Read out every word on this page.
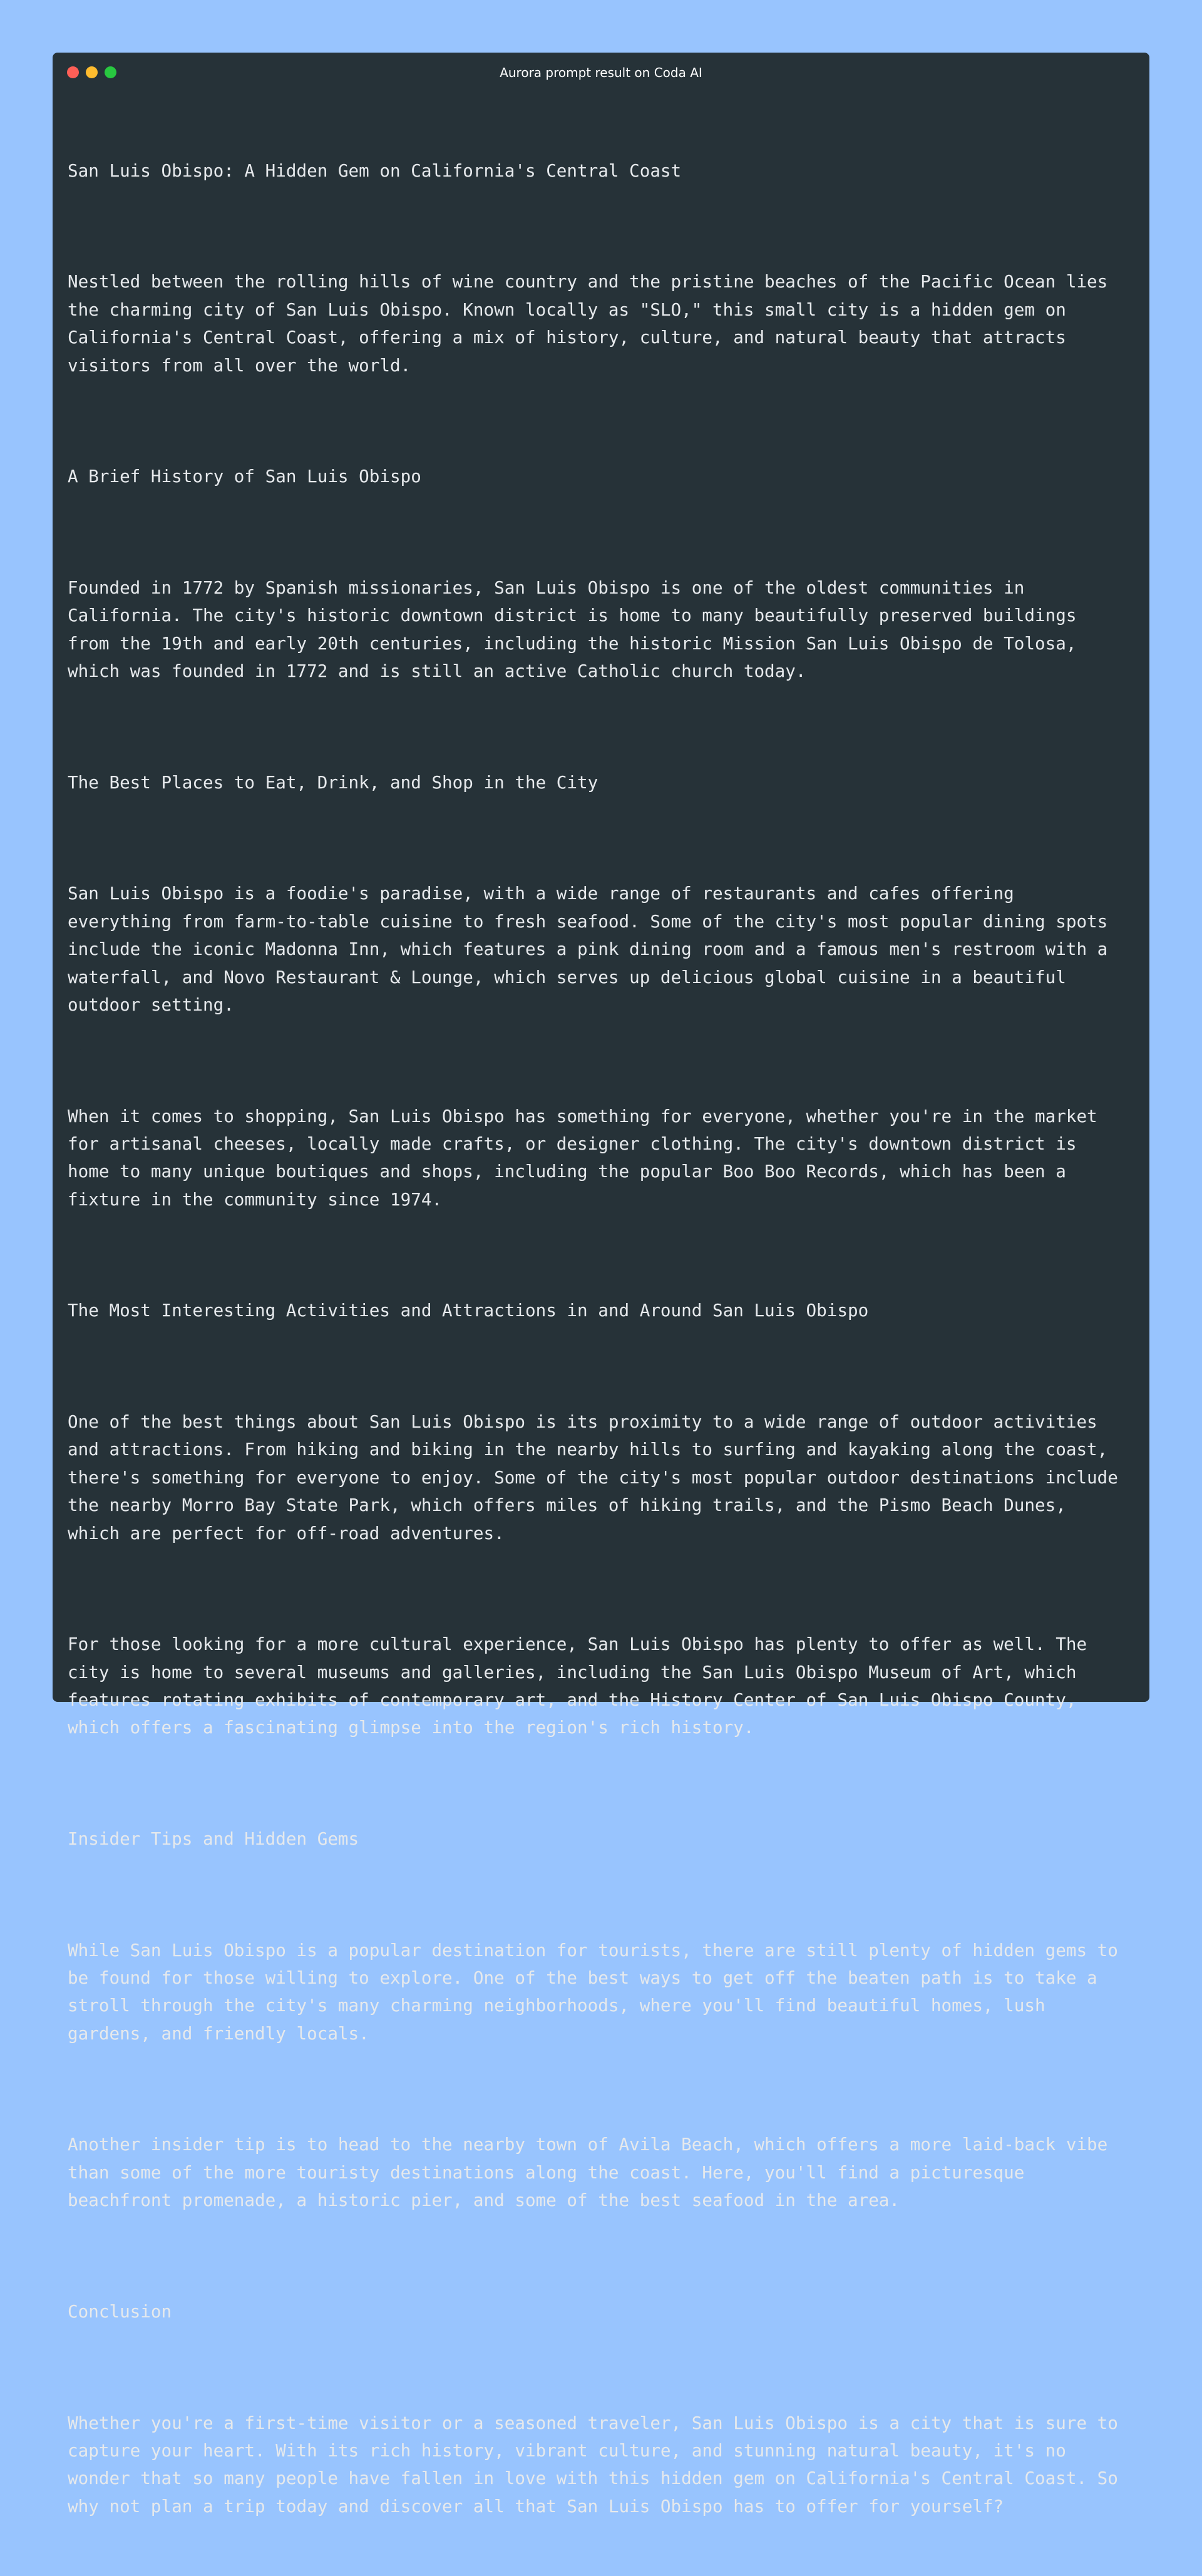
Aurora prompt result on Coda AI

San Luis Obispo: A Hidden Gem on California's Central Coast

Nestled between the rolling hills of wine country and the pristine beaches of the Pacific Ocean lies
the charming city of San Luis Obispo. Known locally as "SLO," this small city is a hidden gem on
California's Central Coast, offering a mix of history, culture, and natural beauty that attracts
visitors from all over the world.

A Brief History of San Luis Obispo

Founded in 1772 by Spanish missionaries, San Luis Obispo is one of the oldest communities in
California. The city's historic downtown district is home to many beautifully preserved buildings
from the 19th and early 20th centuries, including the historic Mission San Luis Obispo de Tolosa,
which was founded in 1772 and is still an active Catholic church today.

The Best Places to Eat, Drink, and Shop in the City

San Luis Obispo is a foodie's paradise, with a wide range of restaurants and cafes offering
everything from farm-to-table cuisine to fresh seafood. Some of the city's most popular dining spots
include the iconic Madonna Inn, which features a pink dining room and a famous men's restroom with a
waterfall, and Novo Restaurant & Lounge, which serves up delicious global cuisine in a beautiful
outdoor setting.

When it comes to shopping, San Luis Obispo has something for everyone, whether you're in the market
for artisanal cheeses, locally made crafts, or designer clothing. The city's downtown district is
home to many unique boutiques and shops, including the popular Boo Boo Records, which has been a
fixture in the community since 1974.

The Most Interesting Activities and Attractions in and Around San Luis Obispo

One of the best things about San Luis Obispo is its proximity to a wide range of outdoor activities
and attractions. From hiking and biking in the nearby hills to surfing and kayaking along the coast,
there's something for everyone to enjoy. Some of the city's most popular outdoor destinations include
the nearby Morro Bay State Park, which offers miles of hiking trails, and the Pismo Beach Dunes,
which are perfect for off-road adventures.

For those looking for a more cultural experience, San Luis Obispo has plenty to offer as well. The
city is home to several museums and galleries, including the San Luis Obispo Museum of Art, which
features rotating exhibits of contemporary art, and the History Center of San Luis Obispo County,
which offers a fascinating glimpse into the region's rich history.

Insider Tips and Hidden Gems

While San Luis Obispo is a popular destination for tourists, there are still plenty of hidden gems to
be found for those willing to explore. One of the best ways to get off the beaten path is to take a
stroll through the city's many charming neighborhoods, where you'll find beautiful homes, lush
gardens, and friendly locals.

Another insider tip is to head to the nearby town of Avila Beach, which offers a more laid-back vibe
than some of the more touristy destinations along the coast. Here, you'll find a picturesque
beachfront promenade, a historic pier, and some of the best seafood in the area.

Conclusion

Whether you're a first-time visitor or a seasoned traveler, San Luis Obispo is a city that is sure to
capture your heart. With its rich history, vibrant culture, and stunning natural beauty, it's no
wonder that so many people have fallen in love with this hidden gem on California's Central Coast. So
why not plan a trip today and discover all that San Luis Obispo has to offer for yourself?
